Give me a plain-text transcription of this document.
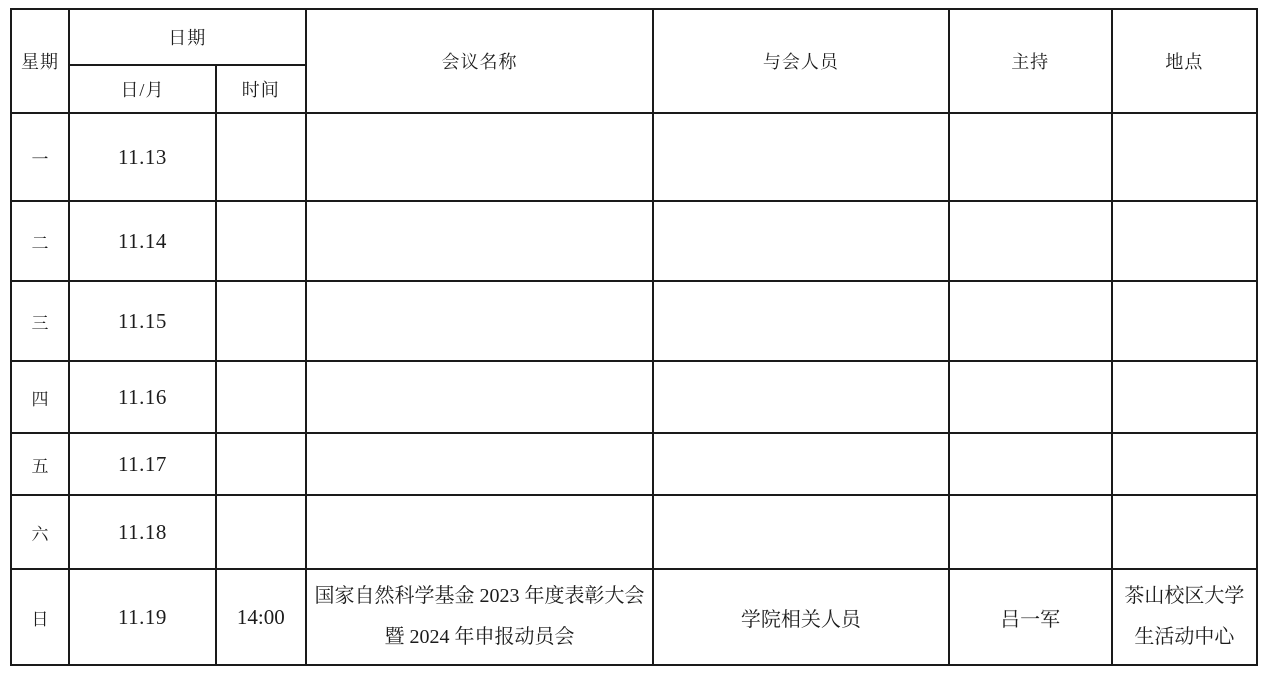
星期	日期		会议名称	与会人员	主持	地点
	日/月	时间				
一	11.13					
二	11.14					
三	11.15					
四	11.16					
五	11.17					
六	11.18					
日	11.19	14:00	国家自然科学基金 2023 年度表彰大会暨 2024 年申报动员会	学院相关人员	吕一军	茶山校区大学生活动中心
